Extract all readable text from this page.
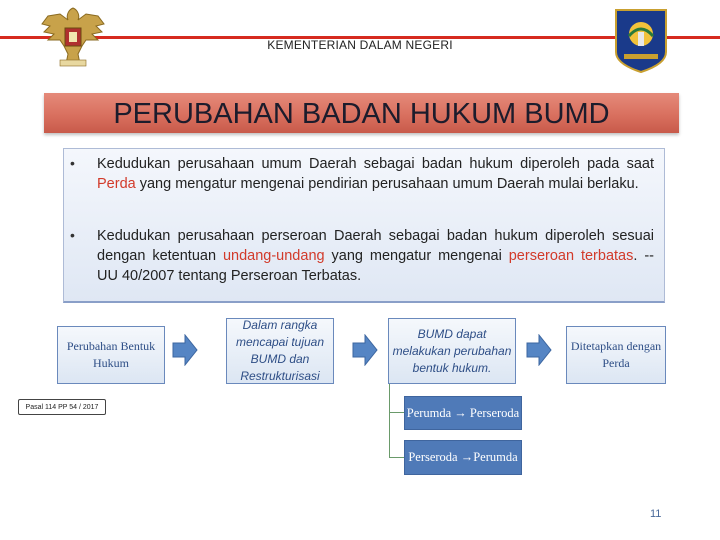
KEMENTERIAN DALAM NEGERI
PERUBAHAN BADAN HUKUM BUMD
• Kedudukan perusahaan umum Daerah sebagai badan hukum diperoleh pada saat Perda yang mengatur mengenai pendirian perusahaan umum Daerah mulai berlaku.
• Kedudukan perusahaan perseroan Daerah sebagai badan hukum diperoleh sesuai dengan ketentuan undang-undang yang mengatur mengenai perseroan terbatas. -- UU 40/2007 tentang Perseroan Terbatas.
Perubahan Bentuk Hukum
Dalam rangka mencapai tujuan BUMD dan Restrukturisasi
BUMD dapat melakukan perubahan bentuk hukum.
Ditetapkan dengan Perda
Perumda → Perseroda
Perseroda →Perumda
Pasal 114 PP 54 / 2017
11
